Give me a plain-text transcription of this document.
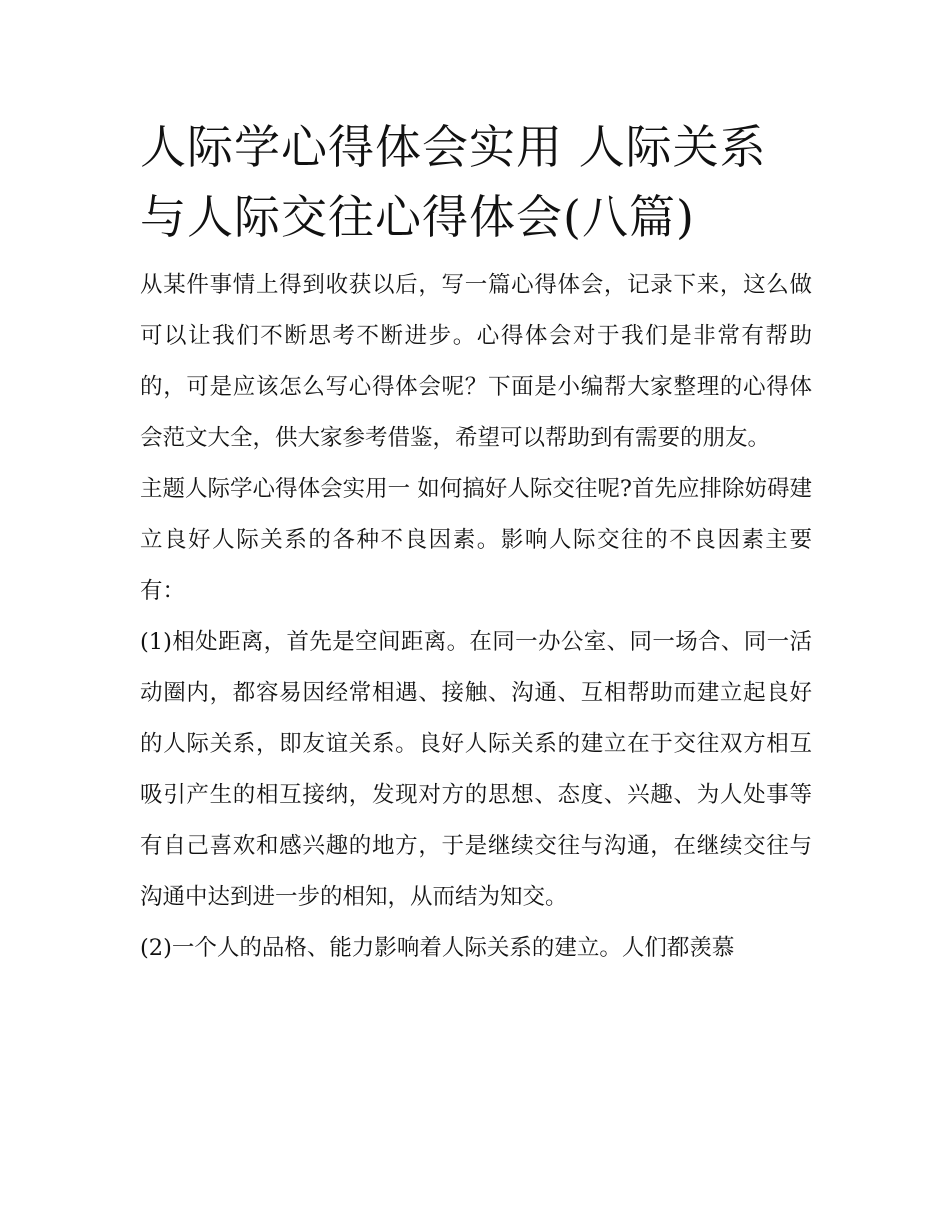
人际学心得体会实用 人际关系与人际交往心得体会(八篇)

从某件事情上得到收获以后，写一篇心得体会，记录下来，这么做可以让我们不断思考不断进步。心得体会对于我们是非常有帮助的，可是应该怎么写心得体会呢？下面是小编帮大家整理的心得体会范文大全，供大家参考借鉴，希望可以帮助到有需要的朋友。

主题人际学心得体会实用一 如何搞好人际交往呢?首先应排除妨碍建立良好人际关系的各种不良因素。影响人际交往的不良因素主要有：

(1)相处距离，首先是空间距离。在同一办公室、同一场合、同一活动圈内，都容易因经常相遇、接触、沟通、互相帮助而建立起良好的人际关系，即友谊关系。良好人际关系的建立在于交往双方相互吸引产生的相互接纳，发现对方的思想、态度、兴趣、为人处事等有自己喜欢和感兴趣的地方，于是继续交往与沟通，在继续交往与沟通中达到进一步的相知，从而结为知交。

(2)一个人的品格、能力影响着人际关系的建立。人们都羡慕
